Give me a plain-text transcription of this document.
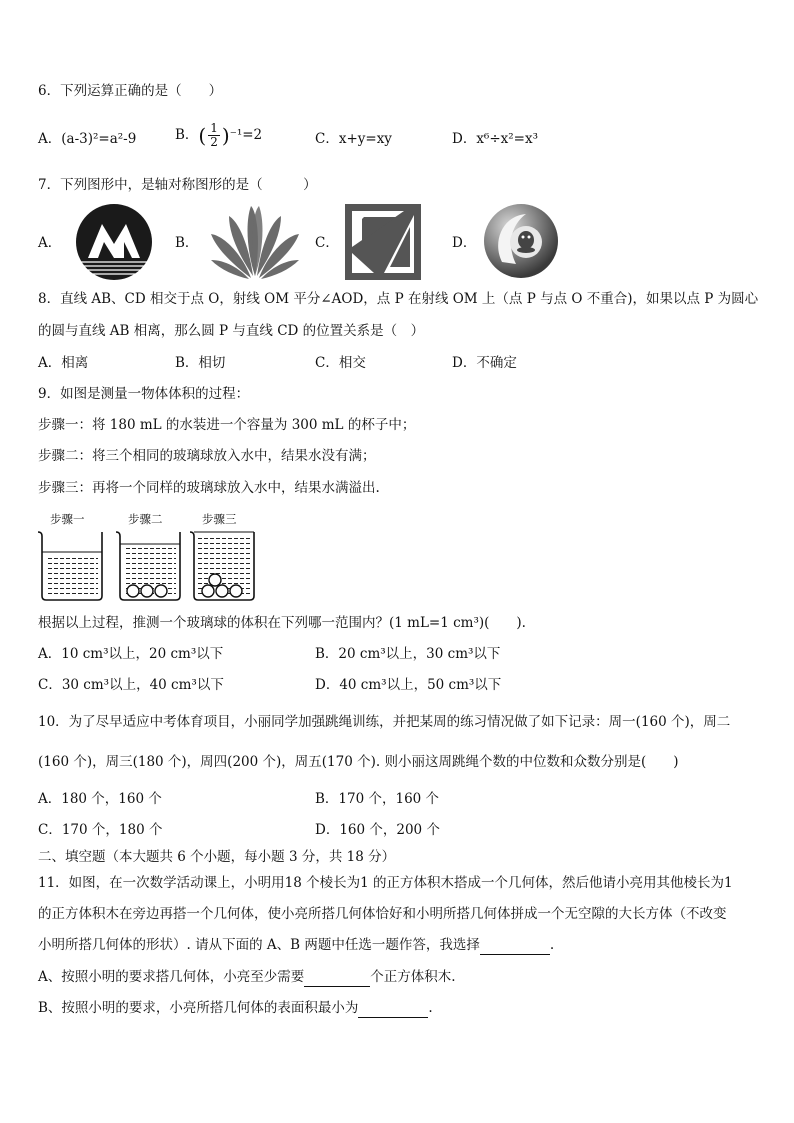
6．下列运算正确的是（　　）
A．(a-3)²=a²-9	B．( $\frac{1}{2} )^{-1}=2$	C．x+y=xy	D．x⁶÷x²=x³
7．下列图形中，是轴对称图形的是（　　　）
A．	B．	C．	D．
8．直线 AB、CD 相交于点 O，射线 OM 平分∠AOD，点 P 在射线 OM 上（点 P 与点 O 不重合)，如果以点 P 为圆心
的圆与直线 AB 相离，那么圆 P 与直线 CD 的位置关系是（　）
A．相离	B．相切	C．相交	D．不确定
9．如图是测量一物体体积的过程：
步骤一：将 180 mL 的水装进一个容量为 300 mL 的杯子中；
步骤二：将三个相同的玻璃球放入水中，结果水没有满；
步骤三：再将一个同样的玻璃球放入水中，结果水满溢出.
步骤一	步骤二	步骤三
根据以上过程，推测一个玻璃球的体积在下列哪一范围内？(1 mL=1 cm³)(　　).
A．10 cm³以上，20 cm³以下	B．20 cm³以上，30 cm³以下
C．30 cm³以上，40 cm³以下	D．40 cm³以上，50 cm³以下
10．为了尽早适应中考体育项目，小丽同学加强跳绳训练，并把某周的练习情况做了如下记录：周一(160 个)，周二
(160 个)，周三(180 个)，周四(200 个)，周五(170 个). 则小丽这周跳绳个数的中位数和众数分别是(　　)
A．180 个，160 个	B．170 个，160 个
C．170 个，180 个	D．160 个，200 个
二、填空题（本大题共 6 个小题，每小题 3 分，共 18 分）
11．如图，在一次数学活动课上，小明用18 个棱长为1 的正方体积木搭成一个几何体，然后他请小亮用其他棱长为1
的正方体积木在旁边再搭一个几何体，使小亮所搭几何体恰好和小明所搭几何体拼成一个无空隙的大长方体（不改变
小明所搭几何体的形状）. 请从下面的 A、B 两题中任选一题作答，我选择	.
A、按照小明的要求搭几何体，小亮至少需要	个正方体积木.
B、按照小明的要求，小亮所搭几何体的表面积最小为	.
